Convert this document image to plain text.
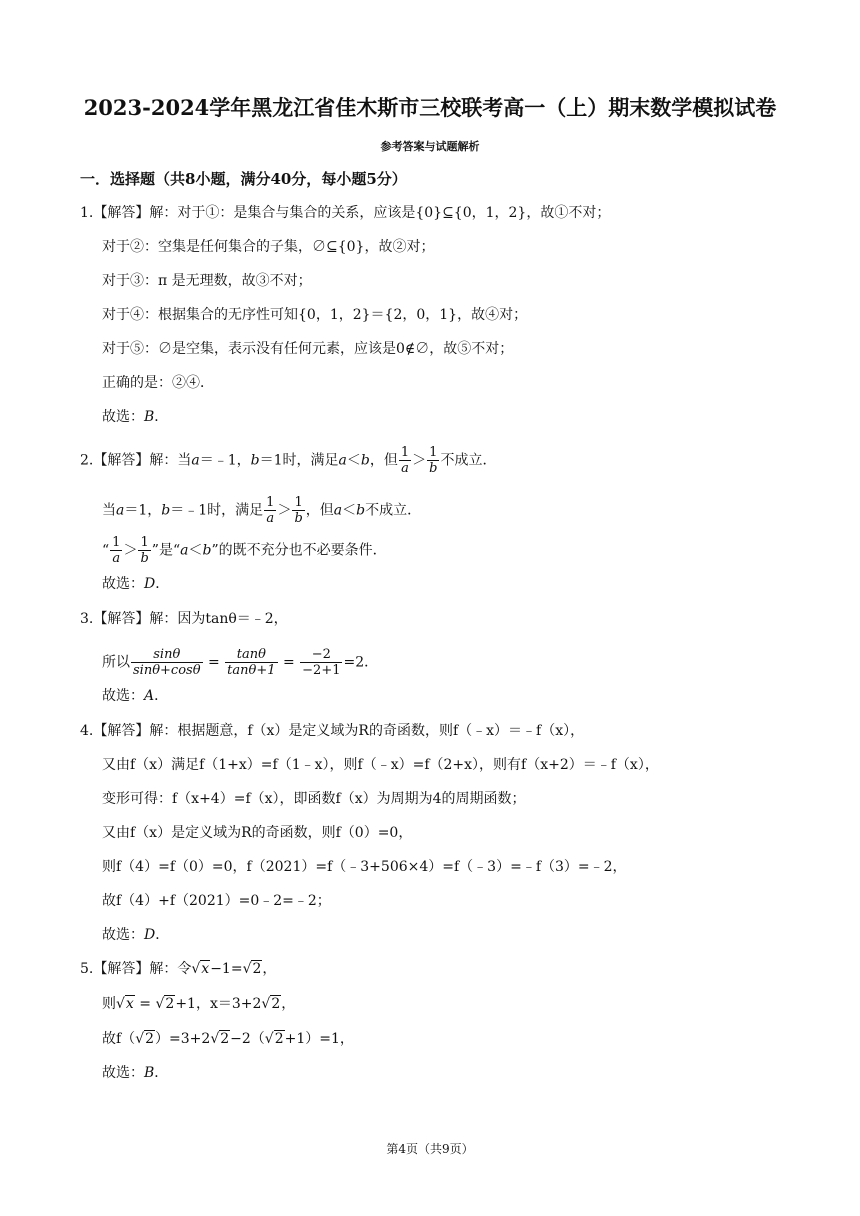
2023-2024学年黑龙江省佳木斯市三校联考高一（上）期末数学模拟试卷
参考答案与试题解析
一．选择题（共8小题，满分40分，每小题5分）
1.【解答】解：对于①：是集合与集合的关系，应该是{0}⊆{0，1，2}，故①不对；
对于②：空集是任何集合的子集，∅⊆{0}，故②对；
对于③：π 是无理数，故③不对；
对于④：根据集合的无序性可知{0，1，2}＝{2，0，1}，故④对；
对于⑤：∅是空集，表示没有任何元素，应该是0∉∅，故⑤不对；
正确的是：②④．
故选：B．
2.【解答】解：当a＝﹣1，b＝1时，满足a＜b，但 $\frac{1}{a} > \frac{1}{b}$ 不成立．
当a＝1，b＝﹣1时，满足 $\frac{1}{a} > \frac{1}{b}$ ，但a＜b不成立．
“ $\frac{1}{a} > \frac{1}{b}$ ”是“a＜b”的既不充分也不必要条件．
故选：D．
3.【解答】解：因为tanθ＝﹣2，
所以 $\frac{\sin\theta}{\sin\theta+\cos\theta} = \frac{\tan\theta}{\tan\theta+1} = \frac{-2}{-2+1} =2$．
故选：A．
4.【解答】解：根据题意，f（x）是定义域为R的奇函数，则f（﹣x）＝﹣f（x），
又由f（x）满足f（1+x）=f（1﹣x），则f（﹣x）=f（2+x），则有f（x+2）＝﹣f（x），
变形可得：f（x+4）=f（x），即函数f（x）为周期为4的周期函数；
又由f（x）是定义域为R的奇函数，则f（0）=0，
则f（4）=f（0）=0，f（2021）=f（﹣3+506×4）=f（﹣3）=﹣f（3）=﹣2，
故f（4）+f（2021）=0﹣2=﹣2；
故选：D．
5.【解答】解：令√x−1=√2，
则√x = √2+1，x＝3+2√2，
故f（√2）=3+2√2−2（√2+1）=1，
故选：B．
第4页（共9页）
